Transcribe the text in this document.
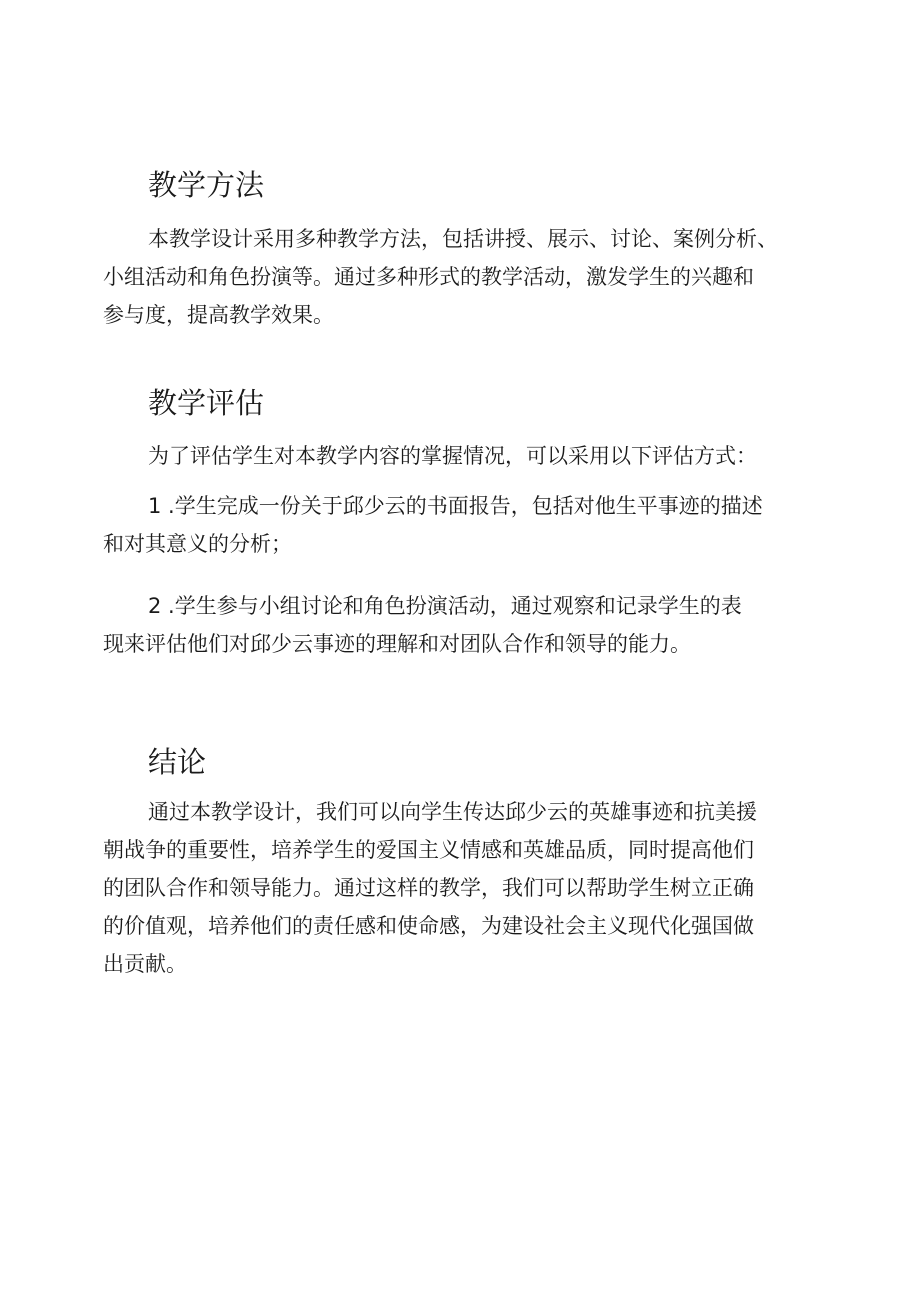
教学方法

本教学设计采用多种教学方法，包括讲授、展示、讨论、案例分析、
小组活动和角色扮演等。通过多种形式的教学活动，激发学生的兴趣和
参与度，提高教学效果。

教学评估

为了评估学生对本教学内容的掌握情况，可以采用以下评估方式：

1 .学生完成一份关于邱少云的书面报告，包括对他生平事迹的描述
和对其意义的分析；

2 .学生参与小组讨论和角色扮演活动，通过观察和记录学生的表
现来评估他们对邱少云事迹的理解和对团队合作和领导的能力。

结论

通过本教学设计，我们可以向学生传达邱少云的英雄事迹和抗美援
朝战争的重要性，培养学生的爱国主义情感和英雄品质，同时提高他们
的团队合作和领导能力。通过这样的教学，我们可以帮助学生树立正确
的价值观，培养他们的责任感和使命感，为建设社会主义现代化强国做
出贡献。
